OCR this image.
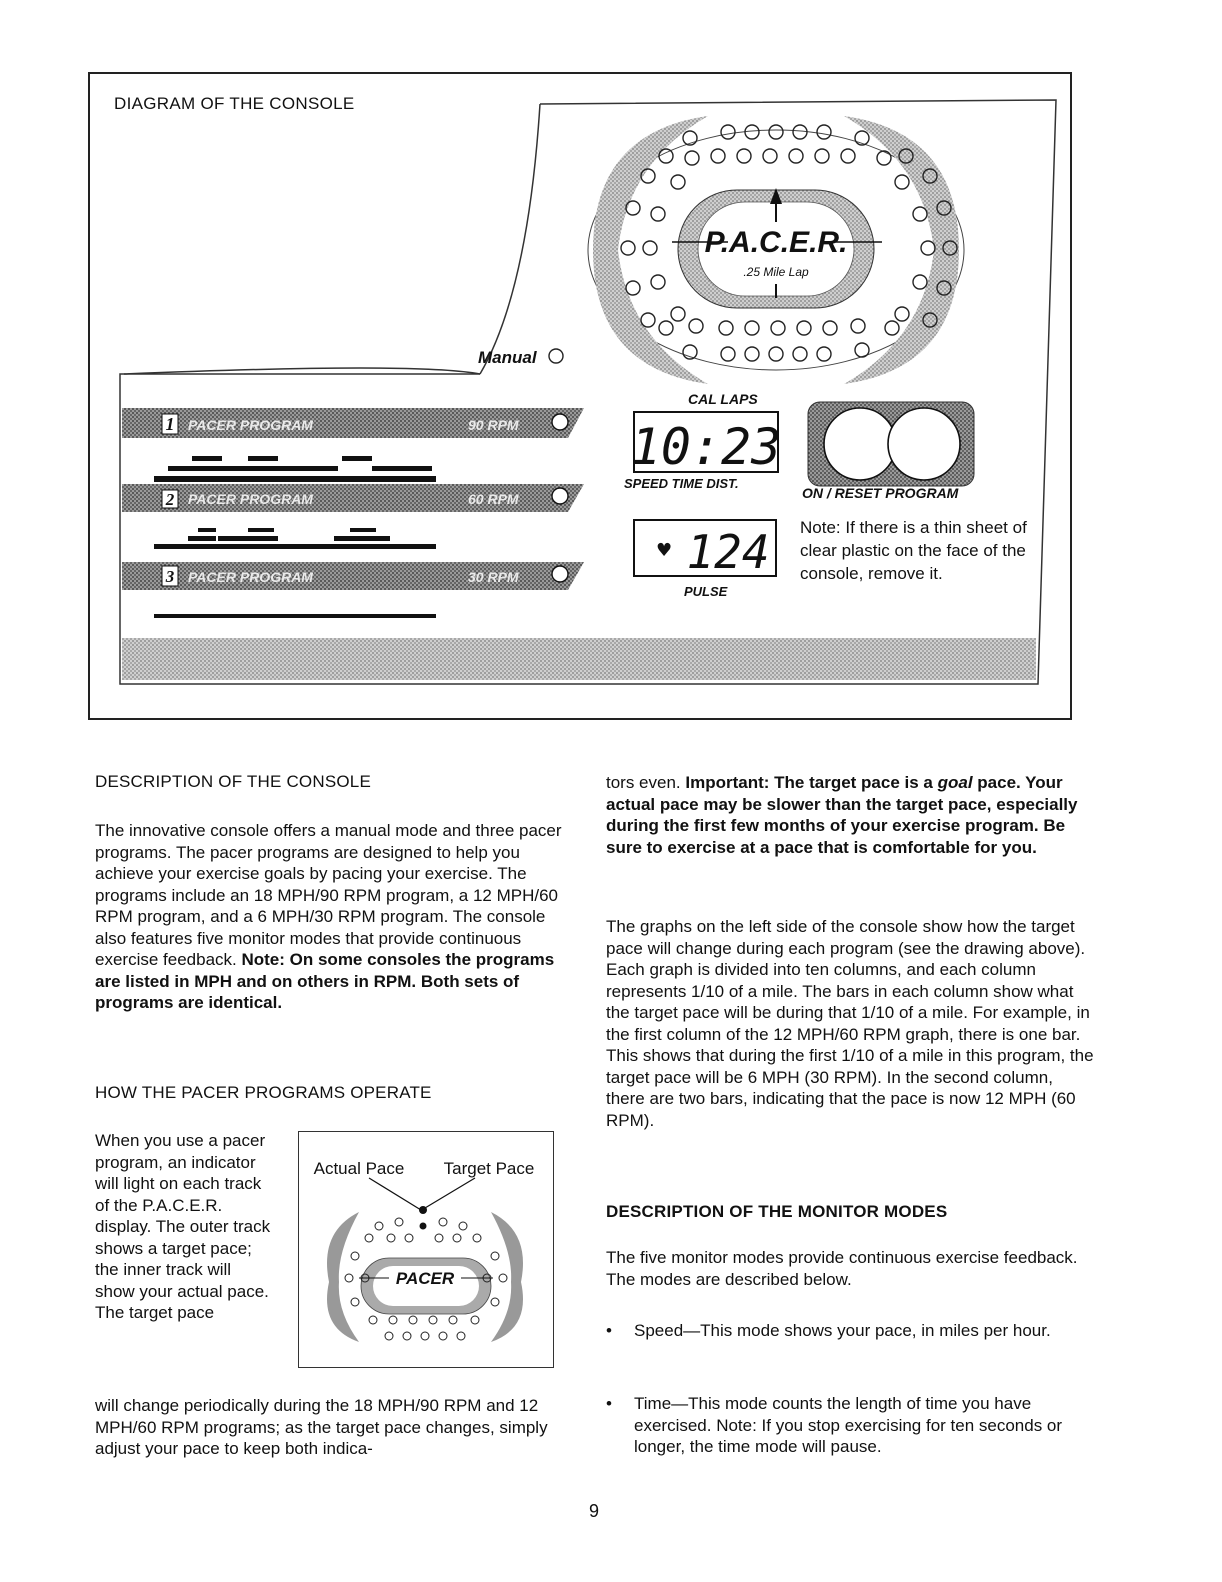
DIAGRAM OF THE CONSOLE
P.A.C.E.R.
.25 Mile Lap
Manual
1 PACER PROGRAM	90 RPM
2 PACER PROGRAM	60 RPM
3 PACER PROGRAM	30 RPM
CAL LAPS
10:23
SPEED TIME DIST.
♥ 124
PULSE
ON / RESET PROGRAM
Note: If there is a thin sheet of clear plastic on the face of the console, remove it.
DESCRIPTION OF THE CONSOLE
The innovative console offers a manual mode and three pacer programs. The pacer programs are designed to help you achieve your exercise goals by pacing your exercise. The programs include an 18 MPH/90 RPM program, a 12 MPH/60 RPM program, and a 6 MPH/30 RPM program. The console also features five monitor modes that provide continuous exercise feedback. Note: On some consoles the programs are listed in MPH and on others in RPM. Both sets of programs are identical.
HOW THE PACER PROGRAMS OPERATE
When you use a pacer program, an indicator will light on each track of the P.A.C.E.R. display. The outer track shows a target pace; the inner track will show your actual pace. The target pace
Actual Pace Target Pace
PACER
will change periodically during the 18 MPH/90 RPM and 12 MPH/60 RPM programs; as the target pace changes, simply adjust your pace to keep both indica-
tors even. Important: The target pace is a goal pace. Your actual pace may be slower than the target pace, especially during the first few months of your exercise program. Be sure to exercise at a pace that is comfortable for you.
The graphs on the left side of the console show how the target pace will change during each program (see the drawing above). Each graph is divided into ten columns, and each column represents 1/10 of a mile. The bars in each column show what the target pace will be during that 1/10 of a mile. For example, in the first column of the 12 MPH/60 RPM graph, there is one bar. This shows that during the first 1/10 of a mile in this program, the target pace will be 6 MPH (30 RPM). In the second column, there are two bars, indicating that the pace is now 12 MPH (60 RPM).
DESCRIPTION OF THE MONITOR MODES
The five monitor modes provide continuous exercise feedback. The modes are described below.
• Speed—This mode shows your pace, in miles per hour.
• Time—This mode counts the length of time you have exercised. Note: If you stop exercising for ten seconds or longer, the time mode will pause.
9
